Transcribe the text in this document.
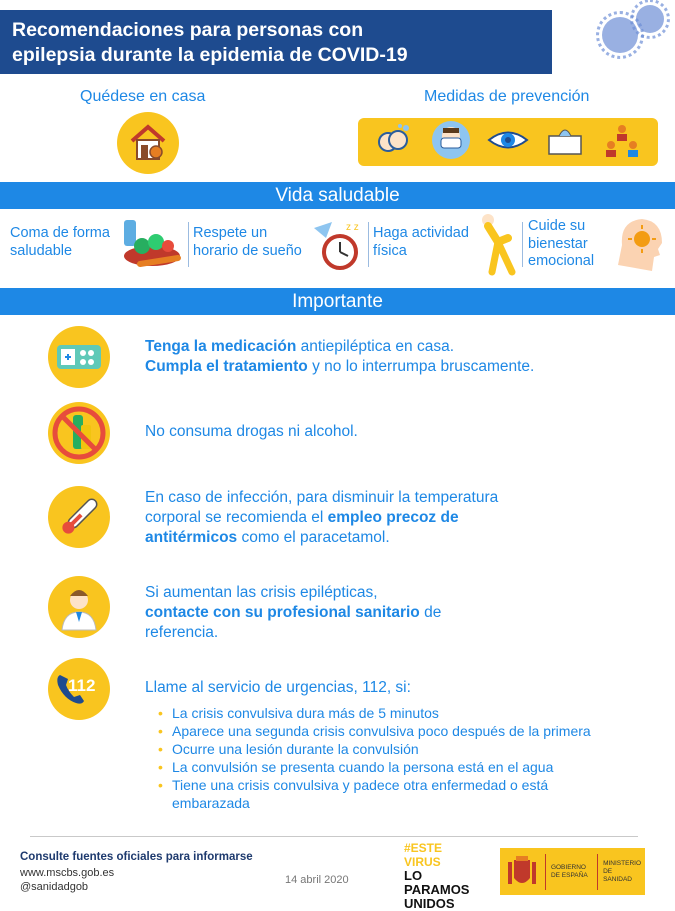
Recomendaciones para personas con
epilepsia durante la epidemia de COVID-19
Quédese en casa	Medidas de prevención
Vida saludable
Coma de forma
saludable
Respete un
horario de sueño
z z Haga actividad
física
Cuide su
bienestar
emocional
Importante
Tenga la medicación antiepiléptica en casa.
Cumpla el tratamiento y no lo interrumpa bruscamente.
No consuma drogas ni alcohol.
En caso de infección, para disminuir la temperatura
corporal se recomienda el empleo precoz de
antitérmicos como el paracetamol.
Si aumentan las crisis epilépticas,
contacte con su profesional sanitario de
referencia.
112	Llame al servicio de urgencias, 112, si:
• La crisis convulsiva dura más de 5 minutos
• Aparece una segunda crisis convulsiva poco después de la primera
• Ocurre una lesión durante la convulsión
• La convulsión se presenta cuando la persona está en el agua
• Tiene una crisis convulsiva y padece otra enfermedad o está embarazada
Consulte fuentes oficiales para informarse
www.mscbs.gob.es
@sanidadgob
14 abril 2020
#ESTE
VIRUS
LO
PARAMOS
UNIDOS
GOBIERNO
DE ESPAÑA
MINISTERIO
DE SANIDAD
